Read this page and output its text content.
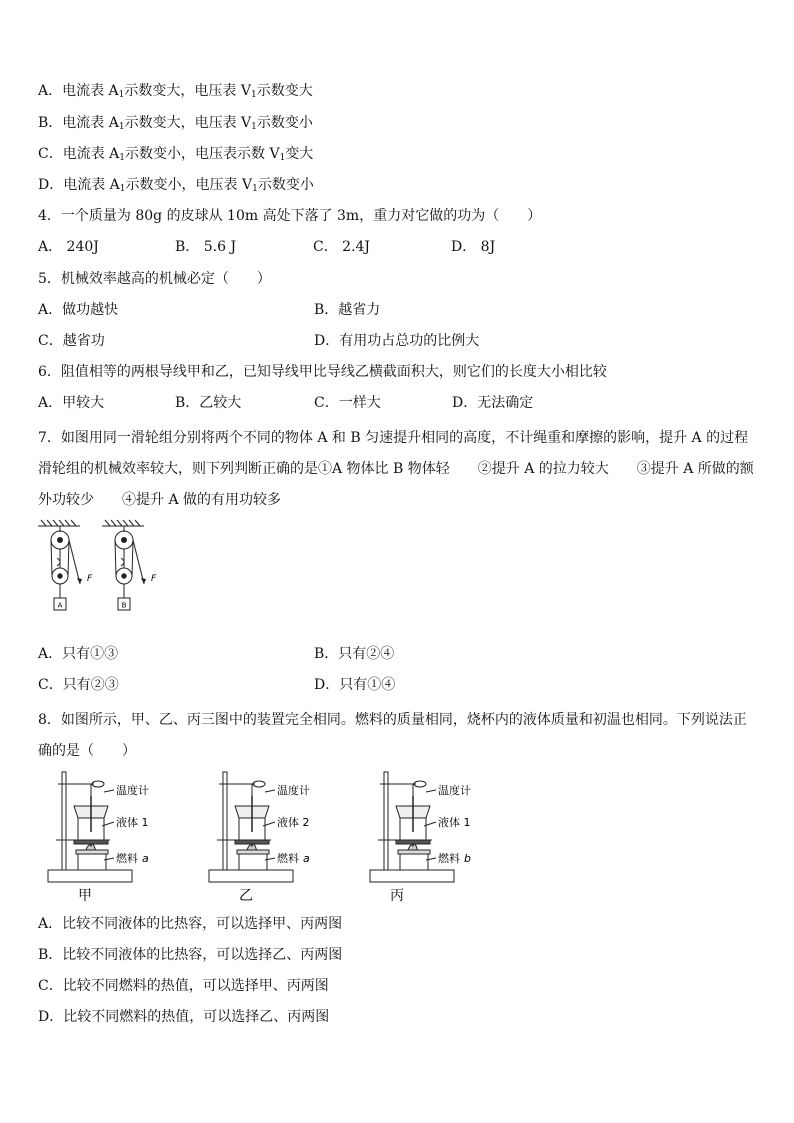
A．电流表 $A_1$示数变大，电压表 $V_1$示数变大
B．电流表 $A_1$示数变大，电压表 $V_1$示数变小
C．电流表 $A_1$示数变小，电压表示数 $V_1$变大
D．电流表 $A_1$示数变小，电压表 $V_1$示数变小
4．一个质量为 80g 的皮球从 10m 高处下落了 3m，重力对它做的功为（　　）
A． 240J	B． 5.6 J	C． 2.4J	D． 8J
5．机械效率越高的机械必定（　　）
A．做功越快	B．越省力
C．越省功	D．有用功占总功的比例大
6．阻值相等的两根导线甲和乙，已知导线甲比导线乙横截面积大，则它们的长度大小相比较
A．甲较大	B．乙较大	C．一样大	D．无法确定
7．如图用同一滑轮组分别将两个不同的物体 A 和 B 匀速提升相同的高度，不计绳重和摩擦的影响，提升 A 的过程滑轮组的机械效率较大，则下列判断正确的是①A 物体比 B 物体轻　　②提升 A 的拉力较大　　③提升 A 所做的额外功较少　　④提升 A 做的有用功较多
F	F
A	B
A．只有①③	B．只有②④
C．只有②③	D．只有①④
8．如图所示，甲、乙、丙三图中的装置完全相同。燃料的质量相同，烧杯内的液体质量和初温也相同。下列说法正确的是（　　）
温度计
液体 1
燃料 a
甲
温度计
液体 2
燃料 a
乙
温度计
液体 1
燃料 b
丙
A．比较不同液体的比热容，可以选择甲、丙两图
B．比较不同液体的比热容，可以选择乙、丙两图
C．比较不同燃料的热值，可以选择甲、丙两图
D．比较不同燃料的热值，可以选择乙、丙两图
